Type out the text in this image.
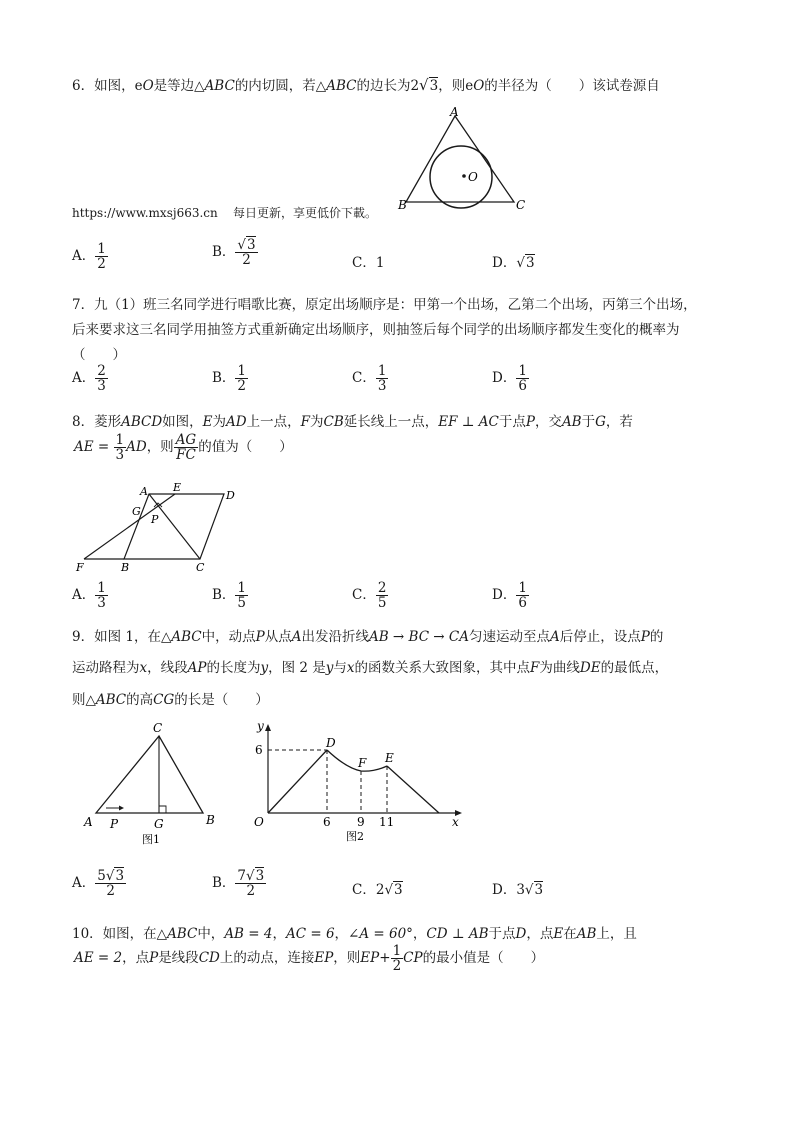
6．如图，eO是等边△ABC的内切圆，若△ABC的边长为2√3，则eO的半径为（　　）该试卷源自
A
O
B	C
https://www.mxsj663.cn 每日更新，享更低价下載。
A． $\frac{1}{2}$	B． $\frac{√3}{2}$	C．1	D．√3
7．九（1）班三名同学进行唱歌比赛，原定出场顺序是：甲第一个出场，乙第二个出场，丙第三个出场，
后来要求这三名同学用抽签方式重新确定出场顺序，则抽签后每个同学的出场顺序都发生变化的概率为
（　　）
A． $\frac{2}{3}$	B． $\frac{1}{2}$	C． $\frac{1}{3}$	D． $\frac{1}{6}$
8．菱形ABCD如图，E为AD上一点，F为CB延长线上一点，EF ⊥ AC于点P，交AB于G，若
AE = $\frac{1}{3}$ AD，则 $\frac{AG}{FC}$ 的值为（　　）
A E
D
G
P
F	B	C
A． $\frac{1}{3}$	B． $\frac{1}{5}$	C． $\frac{2}{5}$	D． $\frac{1}{6}$
9．如图 1，在△ABC中，动点P从点A出发沿折线AB → BC → CA匀速运动至点A后停止，设点P的
运动路程为x，线段AP的长度为y，图 2 是y与x的函数关系大致图象，其中点F为曲线DE的最低点，
则△ABC的高CG的长是（　　）
C
A P	G	B
图1
y
6
O	6 9 11	x
D
F E
图2
A． $\frac{5√3}{2}$	B． $\frac{7√3}{2}$	C．2√3	D．3√3
10．如图，在△ABC中，AB = 4，AC = 6，∠A = 60°，CD ⊥ AB于点D，点E在AB上，且
AE = 2，点P是线段CD上的动点，连接EP，则$EP+ \frac{1}{2}$ CP的最小值是（　　）
